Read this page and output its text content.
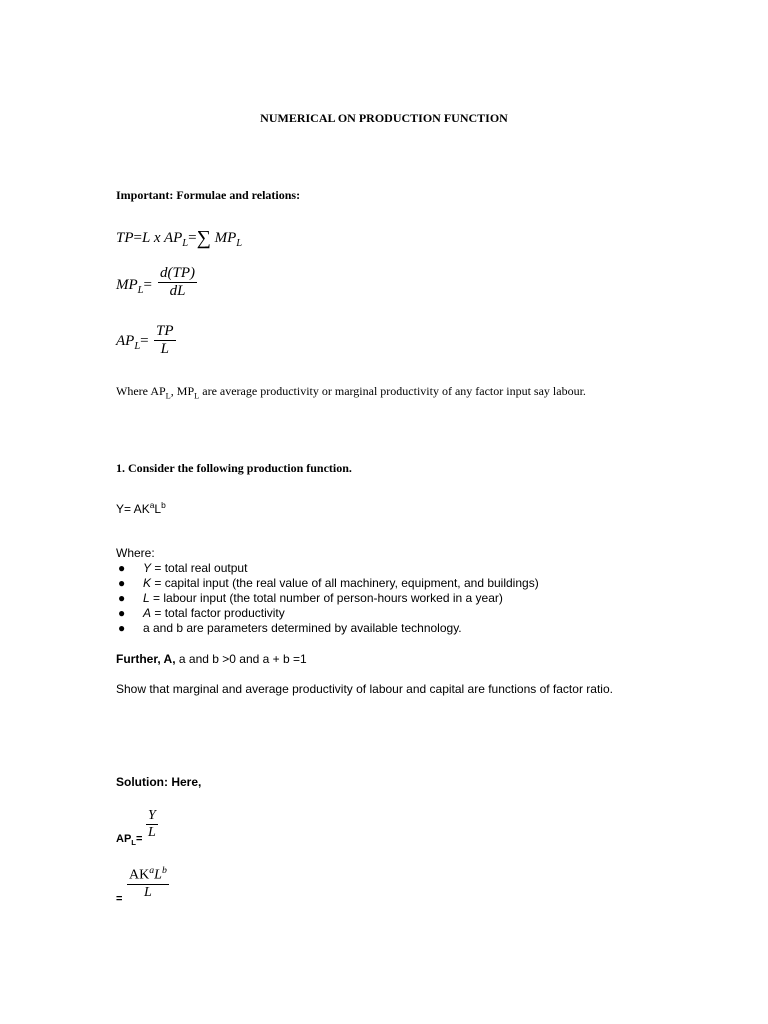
NUMERICAL ON PRODUCTION FUNCTION
Important: Formulae and relations:
TP=L x $AP_L=\sum$ $MP_L$
$MP_L=$
d(TP)
dL
$AP_L=$
TP
L
Where $AP_L$, $MP_L$ are average productivity or marginal productivity of any factor input say labour.
1. Consider the following production function.
$Y= AK^aL^b$
Where:
● Y = total real output
● K = capital input (the real value of all machinery, equipment, and buildings)
● L = labour input (the total number of person-hours worked in a year)
● A = total factor productivity
● a and b are parameters determined by available technology.
Further, A, a and b >0 and a + b =1
Show that marginal and average productivity of labour and capital are functions of factor ratio.
Solution: Here,
$AP_L=$
Y
L
=
$AK^aL^b$
L
